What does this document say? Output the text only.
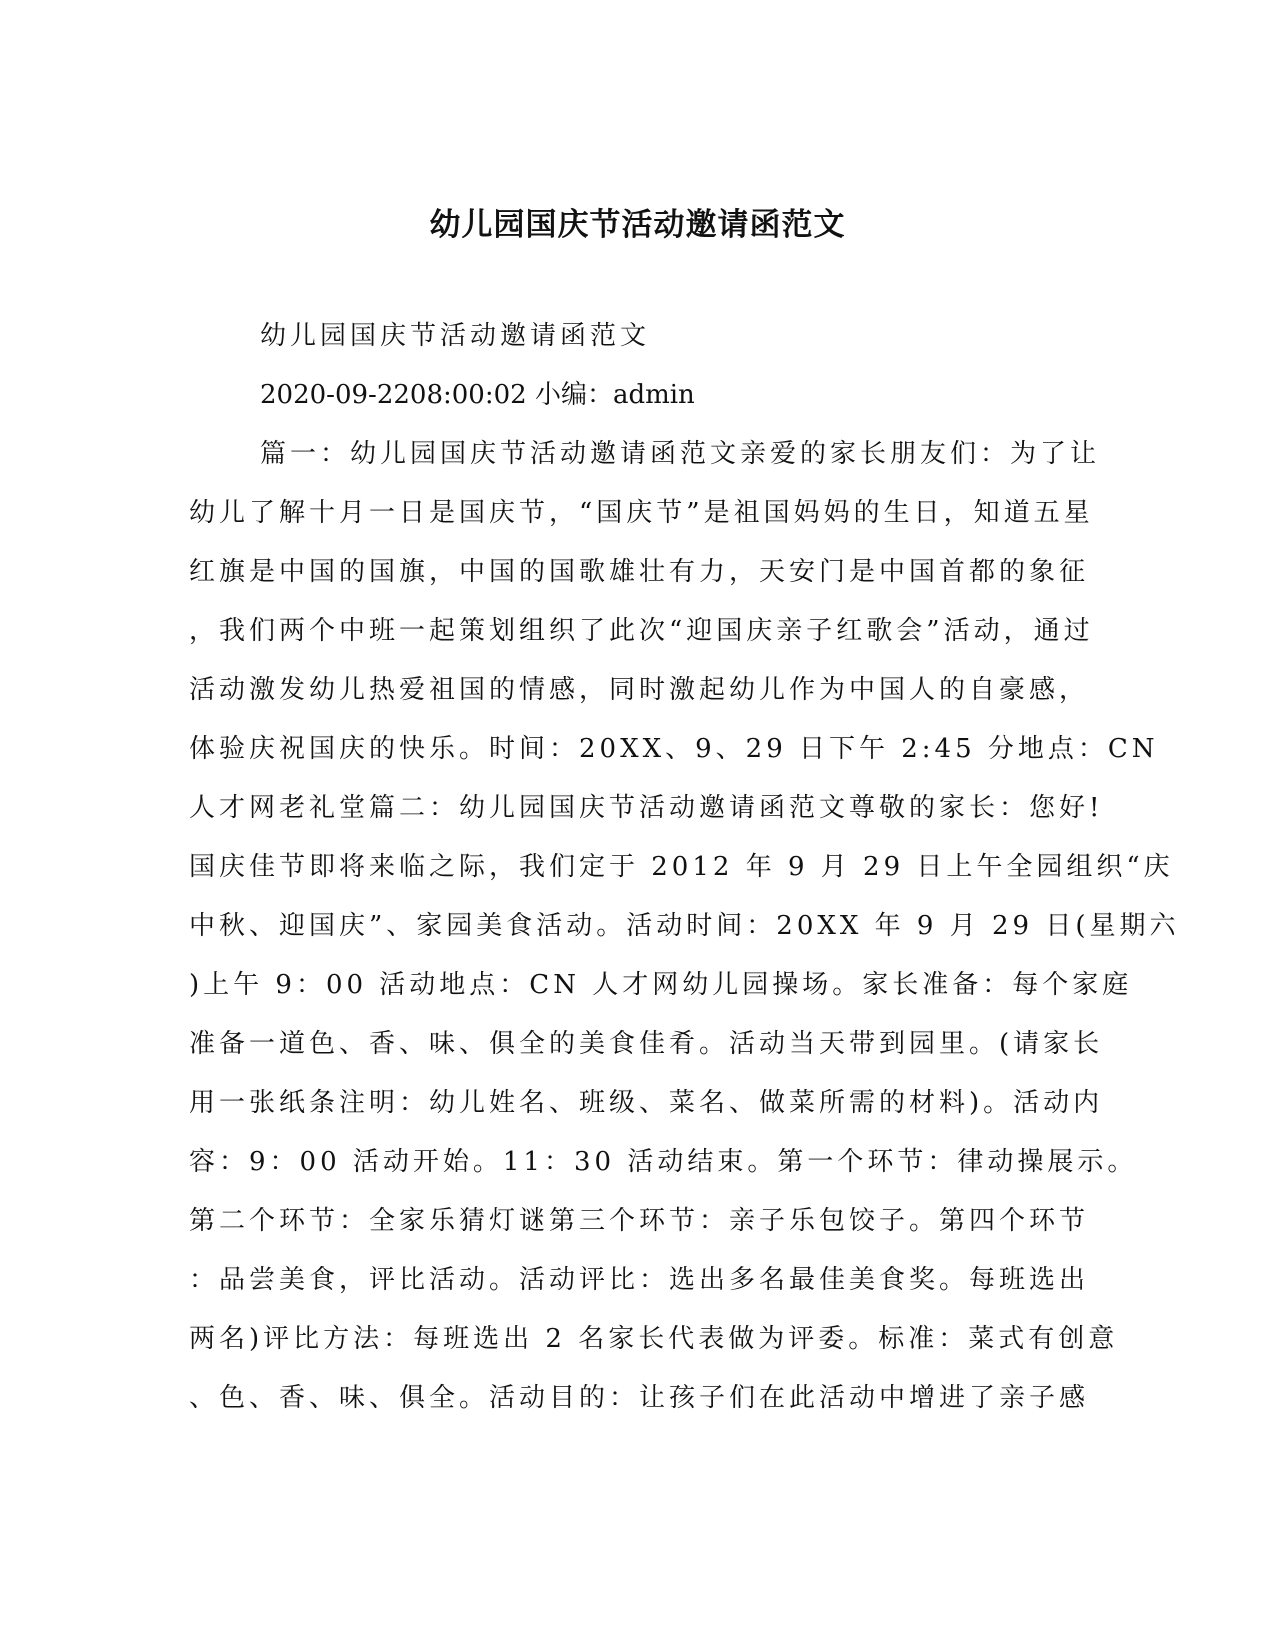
幼儿园国庆节活动邀请函范文
幼儿园国庆节活动邀请函范文
2020-09-2208:00:02 小编：admin
篇一：幼儿园国庆节活动邀请函范文亲爱的家长朋友们：为了让
幼儿了解十月一日是国庆节，“国庆节”是祖国妈妈的生日，知道五星
红旗是中国的国旗，中国的国歌雄壮有力，天安门是中国首都的象征
，我们两个中班一起策划组织了此次“迎国庆亲子红歌会”活动，通过
活动激发幼儿热爱祖国的情感，同时激起幼儿作为中国人的自豪感，
体验庆祝国庆的快乐。时间：20XX、9、29 日下午 2:45 分地点：CN
人才网老礼堂篇二：幼儿园国庆节活动邀请函范文尊敬的家长：您好!
国庆佳节即将来临之际，我们定于 2012 年 9 月 29 日上午全园组织“庆
中秋、迎国庆”、家园美食活动。活动时间：20XX 年 9 月 29 日(星期六
)上午 9：00 活动地点：CN 人才网幼儿园操场。家长准备：每个家庭
准备一道色、香、味、俱全的美食佳肴。活动当天带到园里。(请家长
用一张纸条注明：幼儿姓名、班级、菜名、做菜所需的材料)。活动内
容：9：00 活动开始。11：30 活动结束。第一个环节：律动操展示。
第二个环节：全家乐猜灯谜第三个环节：亲子乐包饺子。第四个环节
：品尝美食，评比活动。活动评比：选出多名最佳美食奖。每班选出
两名)评比方法：每班选出 2 名家长代表做为评委。标准：菜式有创意
、色、香、味、俱全。活动目的：让孩子们在此活动中增进了亲子感
